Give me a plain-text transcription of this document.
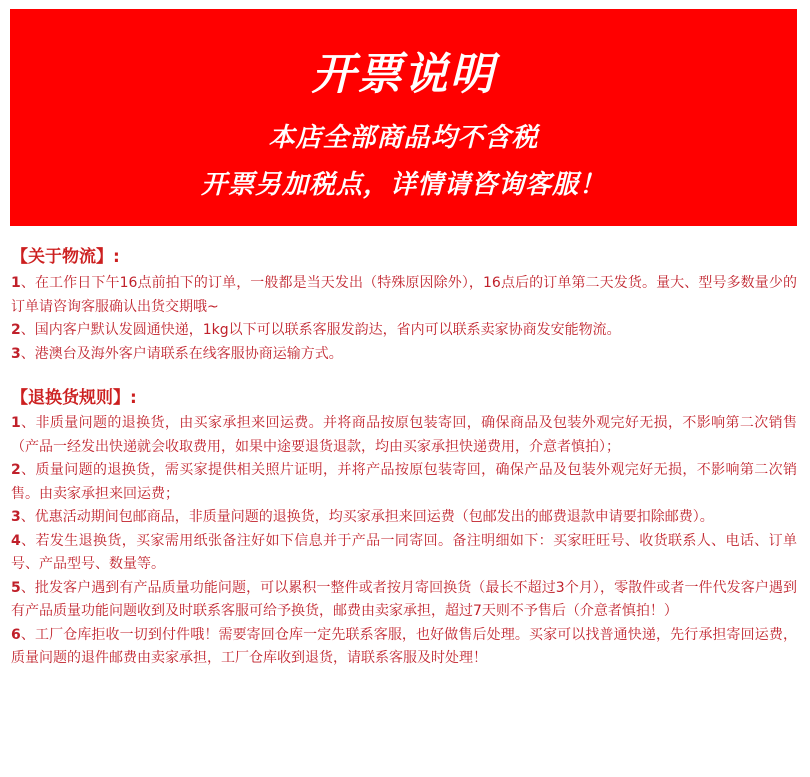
开票说明
本店全部商品均不含税
开票另加税点，详情请咨询客服！

【关于物流】:

1、在工作日下午16点前拍下的订单，一般都是当天发出（特殊原因除外），16点后的订单第二天发货。量大、型号多数量少的订单请咨询客服确认出货交期哦~

2、国内客户默认发圆通快递，1kg以下可以联系客服发韵达，省内可以联系卖家协商发安能物流。

3、港澳台及海外客户请联系在线客服协商运输方式。

【退换货规则】:

1、非质量问题的退换货，由买家承担来回运费。并将商品按原包装寄回，确保商品及包装外观完好无损，不影响第二次销售（产品一经发出快递就会收取费用，如果中途要退货退款，均由买家承担快递费用，介意者慎拍）；

2、质量问题的退换货，需买家提供相关照片证明，并将产品按原包装寄回，确保产品及包装外观完好无损，不影响第二次销售。由卖家承担来回运费；

3、优惠活动期间包邮商品，非质量问题的退换货，均买家承担来回运费（包邮发出的邮费退款申请要扣除邮费）。

4、若发生退换货，买家需用纸张备注好如下信息并于产品一同寄回。备注明细如下：买家旺旺号、收货联系人、电话、订单号、产品型号、数量等。

5、批发客户遇到有产品质量功能问题，可以累积一整件或者按月寄回换货（最长不超过3个月），零散件或者一件代发客户遇到有产品质量功能问题收到及时联系客服可给予换货，邮费由卖家承担，超过7天则不予售后（介意者慎拍！）

6、工厂仓库拒收一切到付件哦！需要寄回仓库一定先联系客服，也好做售后处理。买家可以找普通快递，先行承担寄回运费，质量问题的退件邮费由卖家承担，工厂仓库收到退货，请联系客服及时处理！
